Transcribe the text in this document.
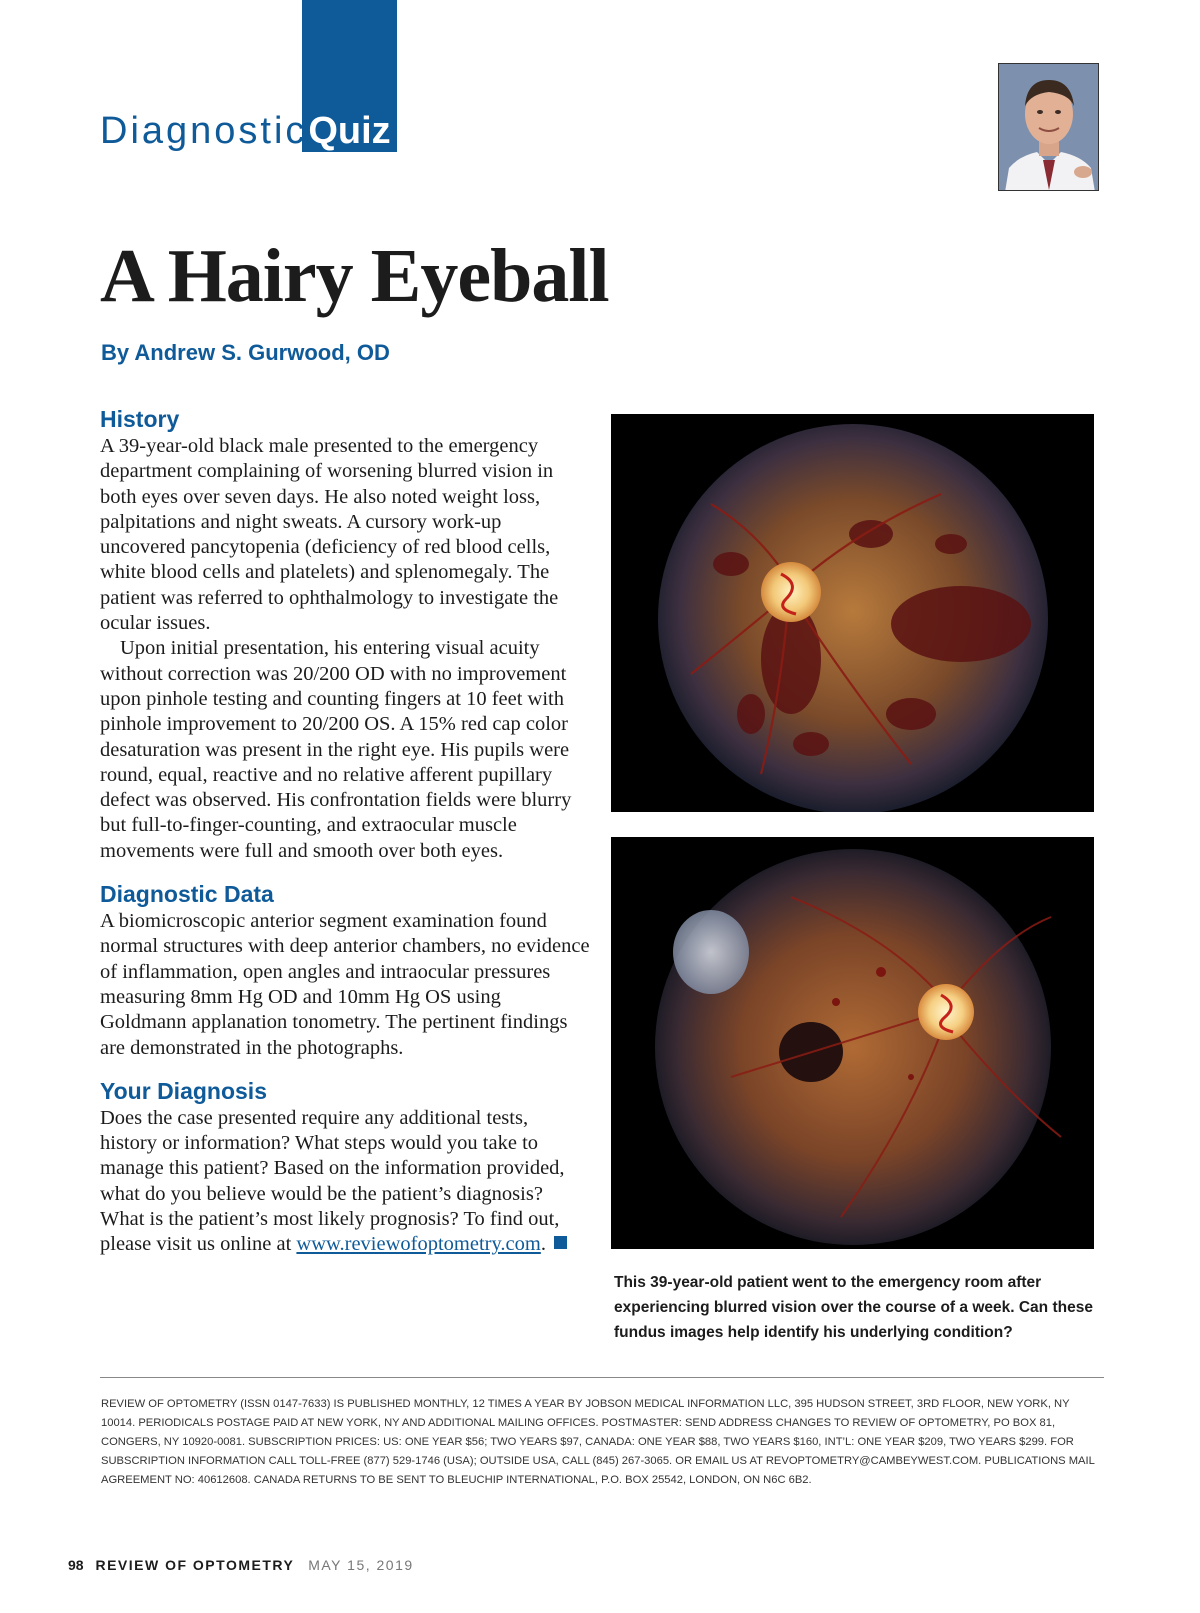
Diagnostic Quiz
A Hairy Eyeball
By Andrew S. Gurwood, OD
History

A 39-year-old black male presented to the emergency department complaining of worsening blurred vision in both eyes over seven days. He also noted weight loss, palpitations and night sweats. A cursory work-up uncovered pancytopenia (deficiency of red blood cells, white blood cells and platelets) and splenomegaly. The patient was referred to ophthalmology to investigate the ocular issues.

Upon initial presentation, his entering visual acuity without correction was 20/200 OD with no improvement upon pinhole testing and counting fingers at 10 feet with pinhole improvement to 20/200 OS. A 15% red cap color desaturation was present in the right eye. His pupils were round, equal, reactive and no relative afferent pupillary defect was observed. His confrontation fields were blurry but full-to-finger-counting, and extraocular muscle movements were full and smooth over both eyes.

Diagnostic Data

A biomicroscopic anterior segment examination found normal structures with deep anterior chambers, no evidence of inflammation, open angles and intraocular pressures measuring 8mm Hg OD and 10mm Hg OS using Goldmann applanation tonometry. The pertinent findings are demonstrated in the photographs.

Your Diagnosis

Does the case presented require any additional tests, history or information? What steps would you take to manage this patient? Based on the information provided, what do you believe would be the patient’s diagnosis? What is the patient’s most likely prognosis? To find out, please visit us online at www.reviewofoptometry.com.

This 39-year-old patient went to the emergency room after experiencing blurred vision over the course of a week. Can these fundus images help identify his underlying condition?
REVIEW OF OPTOMETRY (ISSN 0147-7633) IS PUBLISHED MONTHLY, 12 TIMES A YEAR BY JOBSON MEDICAL INFORMATION LLC, 395 HUDSON STREET, 3RD FLOOR, NEW YORK, NY 10014. PERIODICALS POSTAGE PAID AT NEW YORK, NY AND ADDITIONAL MAILING OFFICES. POSTMASTER: SEND ADDRESS CHANGES TO REVIEW OF OPTOMETRY, PO BOX 81, CONGERS, NY 10920-0081. SUBSCRIPTION PRICES: US: ONE YEAR $56; TWO YEARS $97, CANADA: ONE YEAR $88, TWO YEARS $160, INT’L: ONE YEAR $209, TWO YEARS $299. FOR SUBSCRIPTION INFORMATION CALL TOLL-FREE (877) 529-1746 (USA); OUTSIDE USA, CALL (845) 267-3065. OR EMAIL US AT REVOPTOMETRY@CAMBEYWEST.COM. PUBLICATIONS MAIL AGREEMENT NO: 40612608. CANADA RETURNS TO BE SENT TO BLEUCHIP INTERNATIONAL, P.O. BOX 25542, LONDON, ON N6C 6B2.
98 REVIEW OF OPTOMETRY MAY 15, 2019
